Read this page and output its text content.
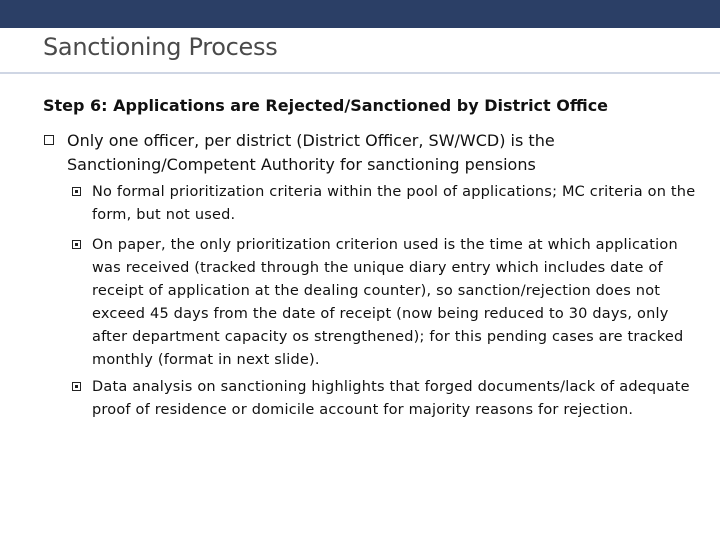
Sanctioning Process
Step 6: Applications are Rejected/Sanctioned by District Office
Only one officer, per district (District Officer, SW/WCD) is the Sanctioning/Competent Authority for sanctioning pensions
No formal prioritization criteria within the pool of applications; MC criteria on the form, but not used.
On paper, the only prioritization criterion used is the time at which application was received (tracked through the unique diary entry which includes date of receipt of application at the dealing counter), so sanction/rejection does not exceed 45 days from the date of receipt (now being reduced to 30 days, only after department capacity os strengthened); for this pending cases are tracked monthly (format in next slide).
Data analysis on sanctioning highlights that forged documents/lack of adequate proof of residence or domicile account for majority reasons for rejection.
